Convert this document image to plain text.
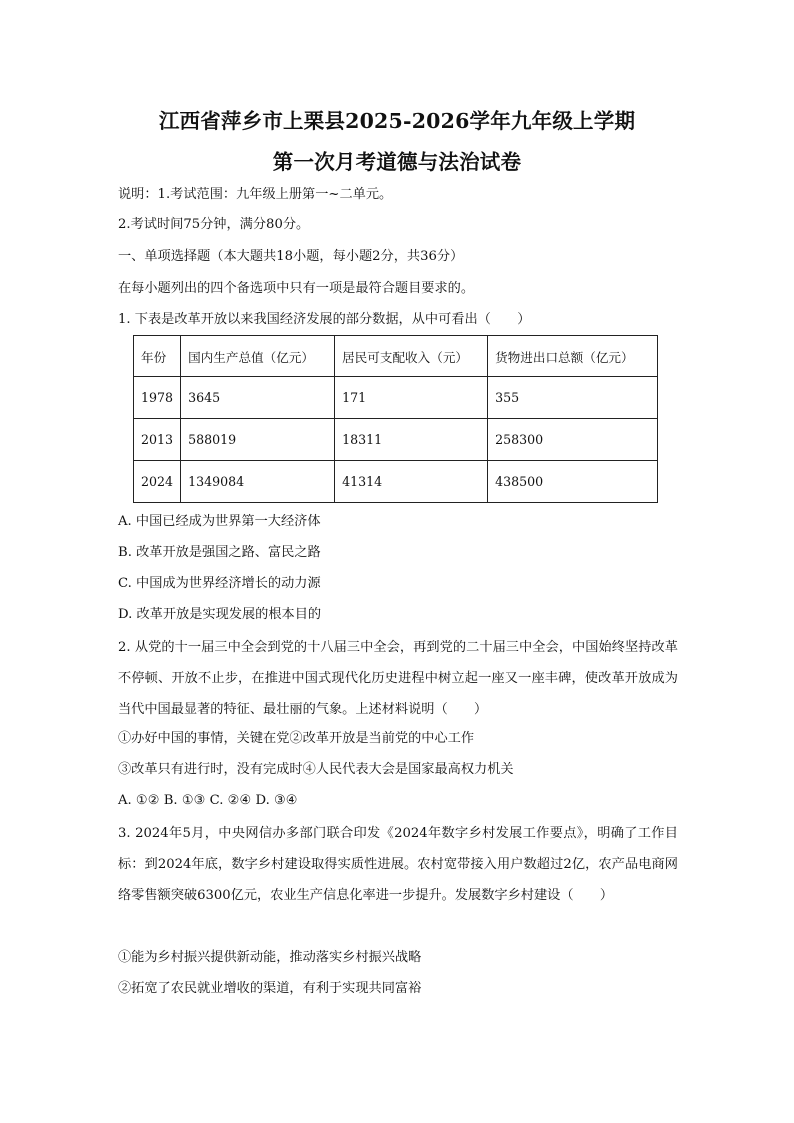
江西省萍乡市上栗县2025-2026学年九年级上学期
第一次月考道德与法治试卷
说明：1.考试范围：九年级上册第一~二单元。
2.考试时间75分钟，满分80分。
一、单项选择题（本大题共18小题，每小题2分，共36分）
在每小题列出的四个备选项中只有一项是最符合题目要求的。
1. 下表是改革开放以来我国经济发展的部分数据，从中可看出（　　）
年份	国内生产总值（亿元）	居民可支配收入（元）	货物进出口总额（亿元）
1978	3645	171	355
2013	588019	18311	258300
2024	1349084	41314	438500
A. 中国已经成为世界第一大经济体
B. 改革开放是强国之路、富民之路
C. 中国成为世界经济增长的动力源
D. 改革开放是实现发展的根本目的
2. 从党的十一届三中全会到党的十八届三中全会，再到党的二十届三中全会，中国始终坚持改革不停顿、开放不止步，在推进中国式现代化历史进程中树立起一座又一座丰碑，使改革开放成为当代中国最显著的特征、最壮丽的气象。上述材料说明（　　）
①办好中国的事情，关键在党②改革开放是当前党的中心工作
③改革只有进行时，没有完成时④人民代表大会是国家最高权力机关
A. ①② B. ①③ C. ②④ D. ③④
3. 2024年5月，中央网信办多部门联合印发《2024年数字乡村发展工作要点》，明确了工作目标：到2024年底，数字乡村建设取得实质性进展。农村宽带接入用户数超过2亿，农产品电商网络零售额突破6300亿元，农业生产信息化率进一步提升。发展数字乡村建设（　　）
①能为乡村振兴提供新动能，推动落实乡村振兴战略
②拓宽了农民就业增收的渠道，有利于实现共同富裕
